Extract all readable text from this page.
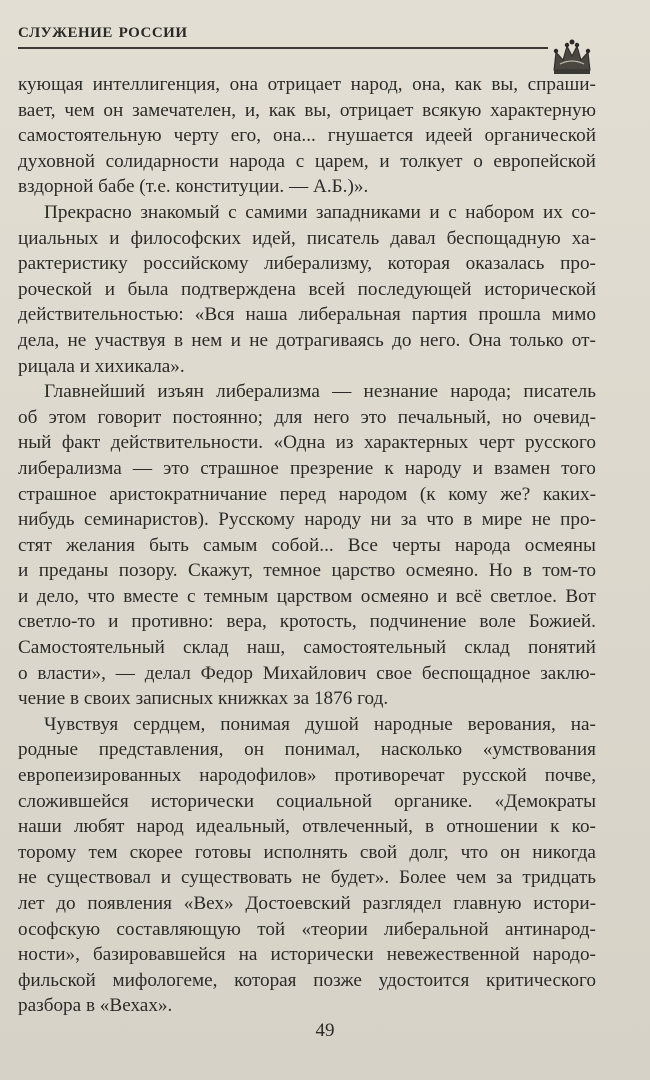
служение россии
кующая интеллигенция, она отрицает народ, она, как вы, спраши-
вает, чем он замечателен, и, как вы, отрицает всякую характерную
самостоятельную черту его, она... гнушается идеей органической
духовной солидарности народа с царем, и толкует о европейской
вздорной бабе (т.е. конституции. — А.Б.)».
Прекрасно знакомый с самими западниками и с набором их со-
циальных и философских идей, писатель давал беспощадную ха-
рактеристику российскому либерализму, которая оказалась про-
роческой и была подтверждена всей последующей исторической
действительностью: «Вся наша либеральная партия прошла мимо
дела, не участвуя в нем и не дотрагиваясь до него. Она только от-
рицала и хихикала».
Главнейший изъян либерализма — незнание народа; писатель
об этом говорит постоянно; для него это печальный, но очевид-
ный факт действительности. «Одна из характерных черт русского
либерализма — это страшное презрение к народу и взамен того
страшное аристократничание перед народом (к кому же? каких-
нибудь семинаристов). Русскому народу ни за что в мире не про-
стят желания быть самым собой... Все черты народа осмеяны
и преданы позору. Скажут, темное царство осмеяно. Но в том-то
и дело, что вместе с темным царством осмеяно и всё светлое. Вот
светло-то и противно: вера, кротость, подчинение воле Божией.
Самостоятельный склад наш, самостоятельный склад понятий
о власти», — делал Федор Михайлович свое беспощадное заклю-
чение в своих записных книжках за 1876 год.
Чувствуя сердцем, понимая душой народные верования, на-
родные представления, он понимал, насколько «умствования
европеизированных народофилов» противоречат русской почве,
сложившейся исторически социальной органике. «Демократы
наши любят народ идеальный, отвлеченный, в отношении к ко-
торому тем скорее готовы исполнять свой долг, что он никогда
не существовал и существовать не будет». Более чем за тридцать
лет до появления «Вех» Достоевский разглядел главную истори-
ософскую составляющую той «теории либеральной антинарод-
ности», базировавшейся на исторически невежественной народо-
фильской мифологеме, которая позже удостоится критического
разбора в «Вехах».
49
